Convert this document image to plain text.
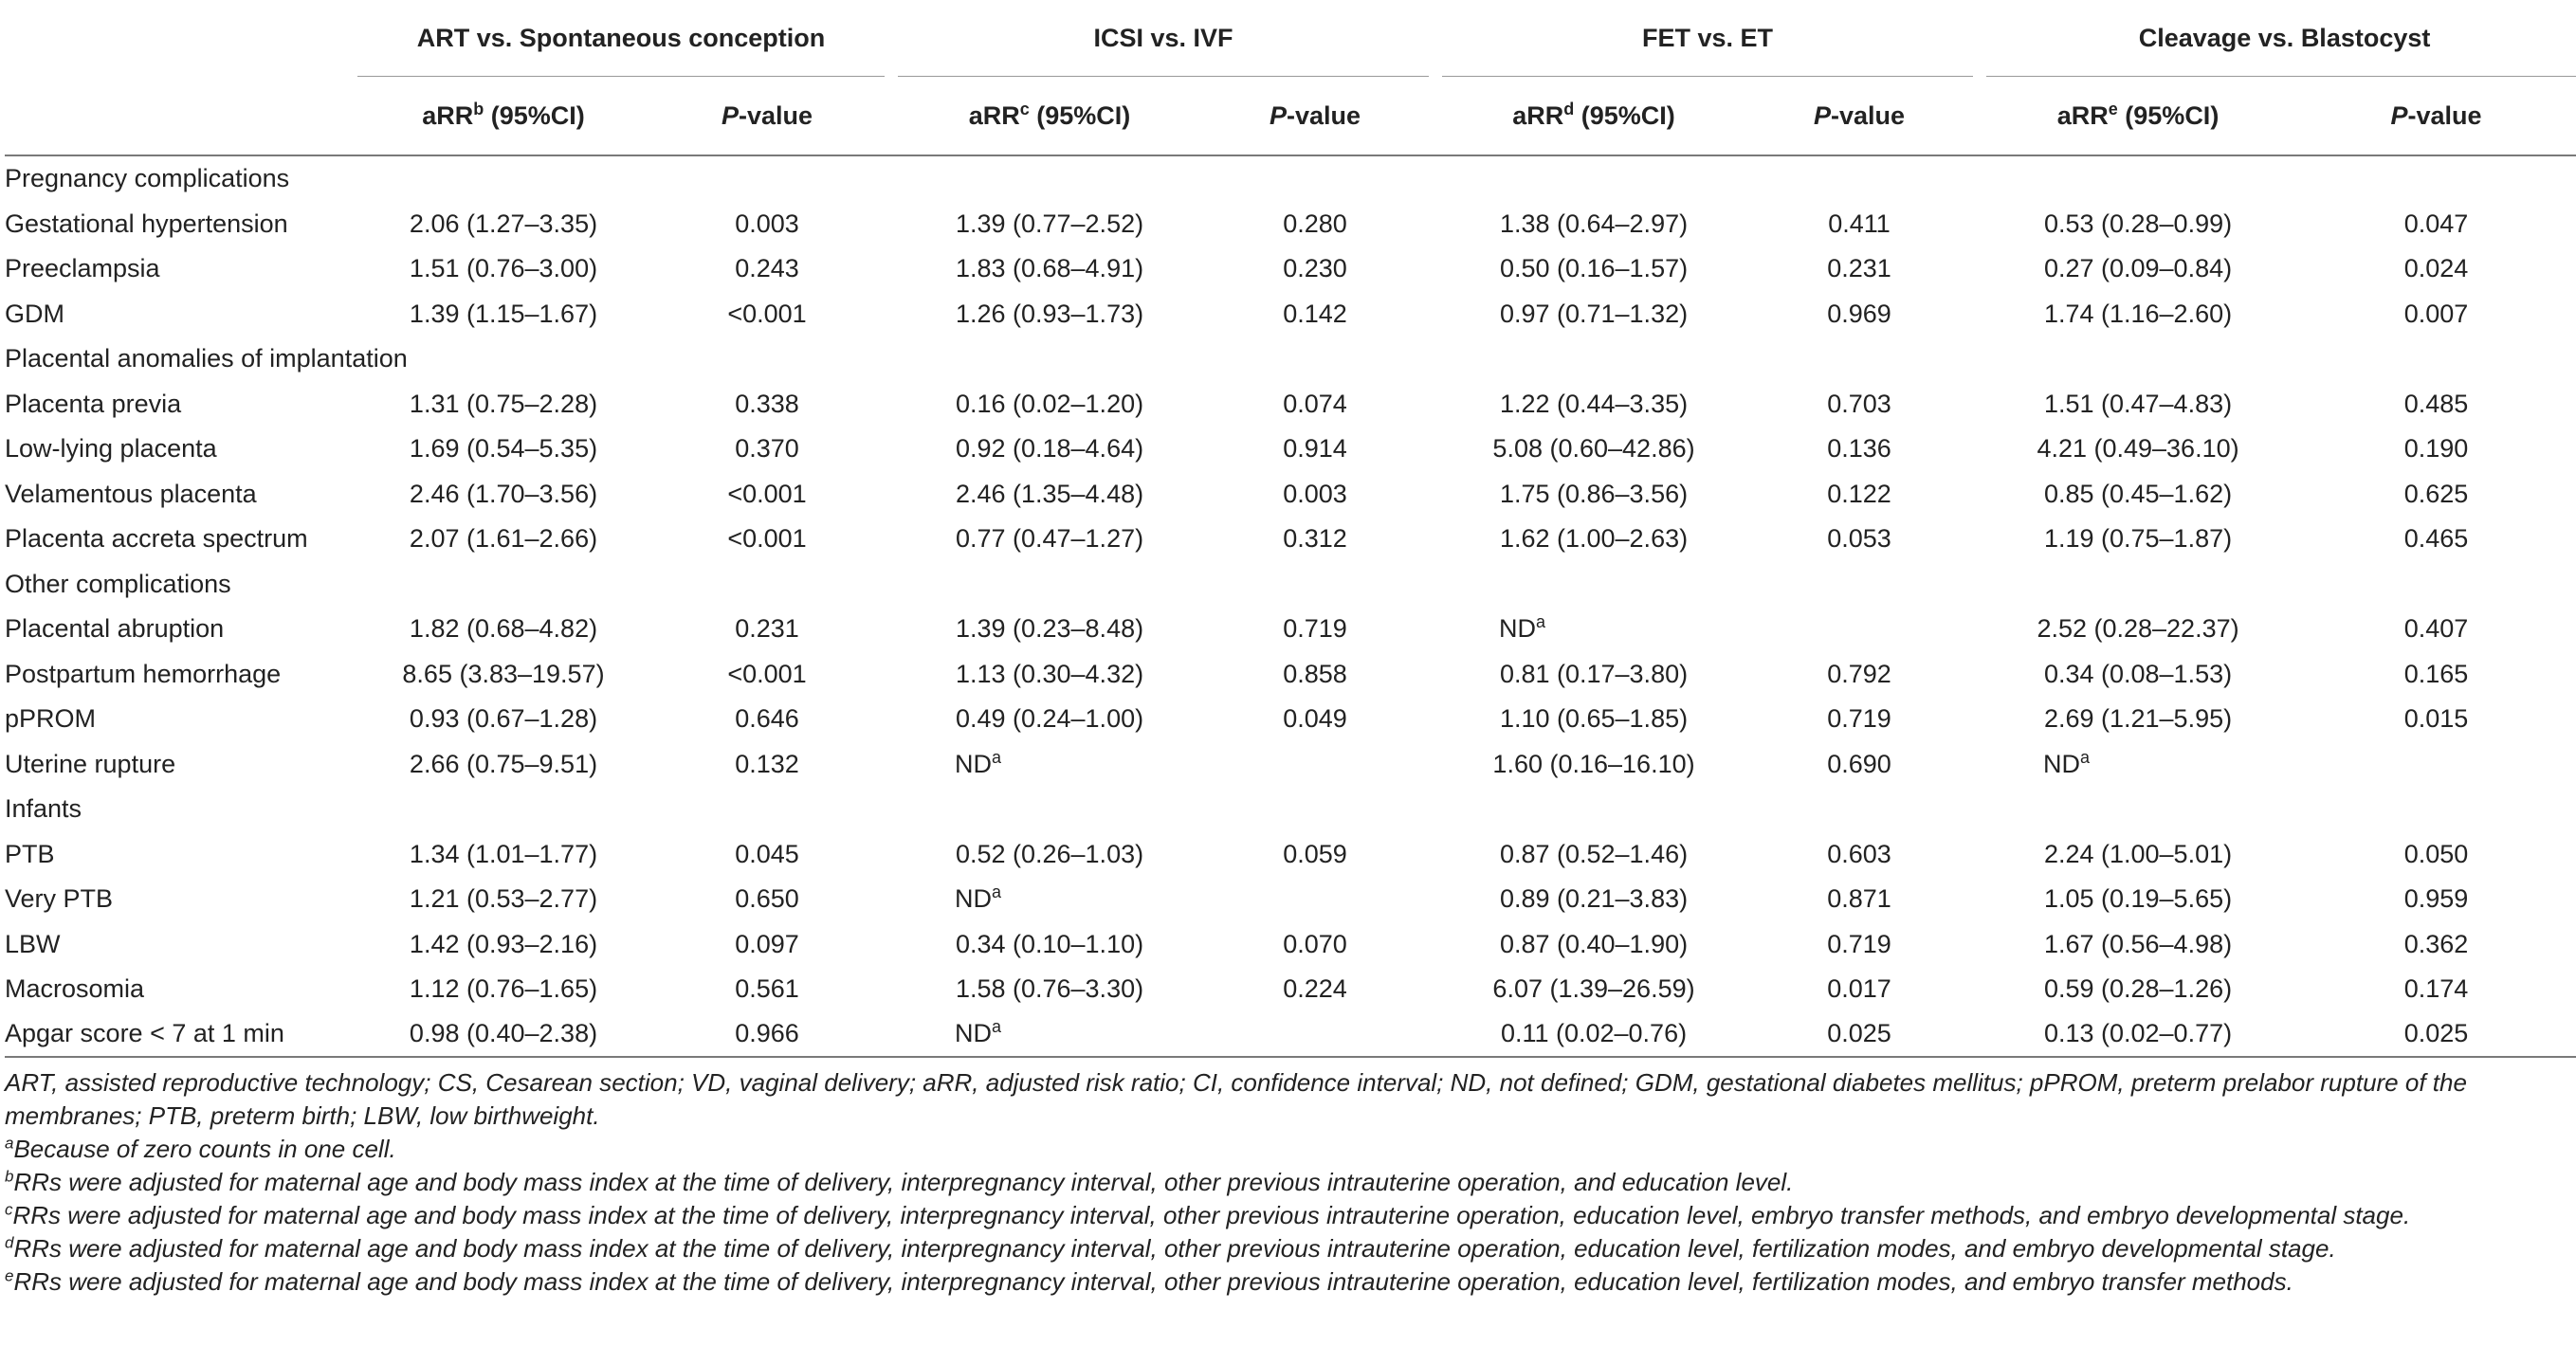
	ART vs. Spontaneous conception			ICSI vs. IVF			FET vs. ET			Cleavage vs. Blastocyst	
	aRR$^b$ (95%CI)	P-value		aRR$^c$ (95%CI)	P-value		aRR$^d$ (95%CI)	P-value		aRR$^e$ (95%CI)	P-value
Pregnancy complications											
Gestational hypertension	2.06 (1.27–3.35)	0.003		1.39 (0.77–2.52)	0.280		1.38 (0.64–2.97)	0.411		0.53 (0.28–0.99)	0.047
Preeclampsia	1.51 (0.76–3.00)	0.243		1.83 (0.68–4.91)	0.230		0.50 (0.16–1.57)	0.231		0.27 (0.09–0.84)	0.024
GDM	1.39 (1.15–1.67)	<0.001		1.26 (0.93–1.73)	0.142		0.97 (0.71–1.32)	0.969		1.74 (1.16–2.60)	0.007
Placental anomalies of implantation											
Placenta previa	1.31 (0.75–2.28)	0.338		0.16 (0.02–1.20)	0.074		1.22 (0.44–3.35)	0.703		1.51 (0.47–4.83)	0.485
Low-lying placenta	1.69 (0.54–5.35)	0.370		0.92 (0.18–4.64)	0.914		5.08 (0.60–42.86)	0.136		4.21 (0.49–36.10)	0.190
Velamentous placenta	2.46 (1.70–3.56)	<0.001		2.46 (1.35–4.48)	0.003		1.75 (0.86–3.56)	0.122		0.85 (0.45–1.62)	0.625
Placenta accreta spectrum	2.07 (1.61–2.66)	<0.001		0.77 (0.47–1.27)	0.312		1.62 (1.00–2.63)	0.053		1.19 (0.75–1.87)	0.465
Other complications											
Placental abruption	1.82 (0.68–4.82)	0.231		1.39 (0.23–8.48)	0.719		$ND^a$			2.52 (0.28–22.37)	0.407
Postpartum hemorrhage	8.65 (3.83–19.57)	<0.001		1.13 (0.30–4.32)	0.858		0.81 (0.17–3.80)	0.792		0.34 (0.08–1.53)	0.165
pPROM	0.93 (0.67–1.28)	0.646		0.49 (0.24–1.00)	0.049		1.10 (0.65–1.85)	0.719		2.69 (1.21–5.95)	0.015
Uterine rupture	2.66 (0.75–9.51)	0.132		$ND^a$			1.60 (0.16–16.10)	0.690		$ND^a$	
Infants											
PTB	1.34 (1.01–1.77)	0.045		0.52 (0.26–1.03)	0.059		0.87 (0.52–1.46)	0.603		2.24 (1.00–5.01)	0.050
Very PTB	1.21 (0.53–2.77)	0.650		$ND^a$			0.89 (0.21–3.83)	0.871		1.05 (0.19–5.65)	0.959
LBW	1.42 (0.93–2.16)	0.097		0.34 (0.10–1.10)	0.070		0.87 (0.40–1.90)	0.719		1.67 (0.56–4.98)	0.362
Macrosomia	1.12 (0.76–1.65)	0.561		1.58 (0.76–3.30)	0.224		6.07 (1.39–26.59)	0.017		0.59 (0.28–1.26)	0.174
Apgar score < 7 at 1 min	0.98 (0.40–2.38)	0.966		$ND^a$			0.11 (0.02–0.76)	0.025		0.13 (0.02–0.77)	0.025

ART, assisted reproductive technology; CS, Cesarean section; VD, vaginal delivery; aRR, adjusted risk ratio; CI, confidence interval; ND, not defined; GDM, gestational diabetes mellitus; pPROM, preterm prelabor rupture of the membranes; PTB, preterm birth; LBW, low birthweight.

$^a$Because of zero counts in one cell.

$^b$RRs were adjusted for maternal age and body mass index at the time of delivery, interpregnancy interval, other previous intrauterine operation, and education level.

$^c$RRs were adjusted for maternal age and body mass index at the time of delivery, interpregnancy interval, other previous intrauterine operation, education level, embryo transfer methods, and embryo developmental stage.

$^d$RRs were adjusted for maternal age and body mass index at the time of delivery, interpregnancy interval, other previous intrauterine operation, education level, fertilization modes, and embryo developmental stage.

$^e$RRs were adjusted for maternal age and body mass index at the time of delivery, interpregnancy interval, other previous intrauterine operation, education level, fertilization modes, and embryo transfer methods.
